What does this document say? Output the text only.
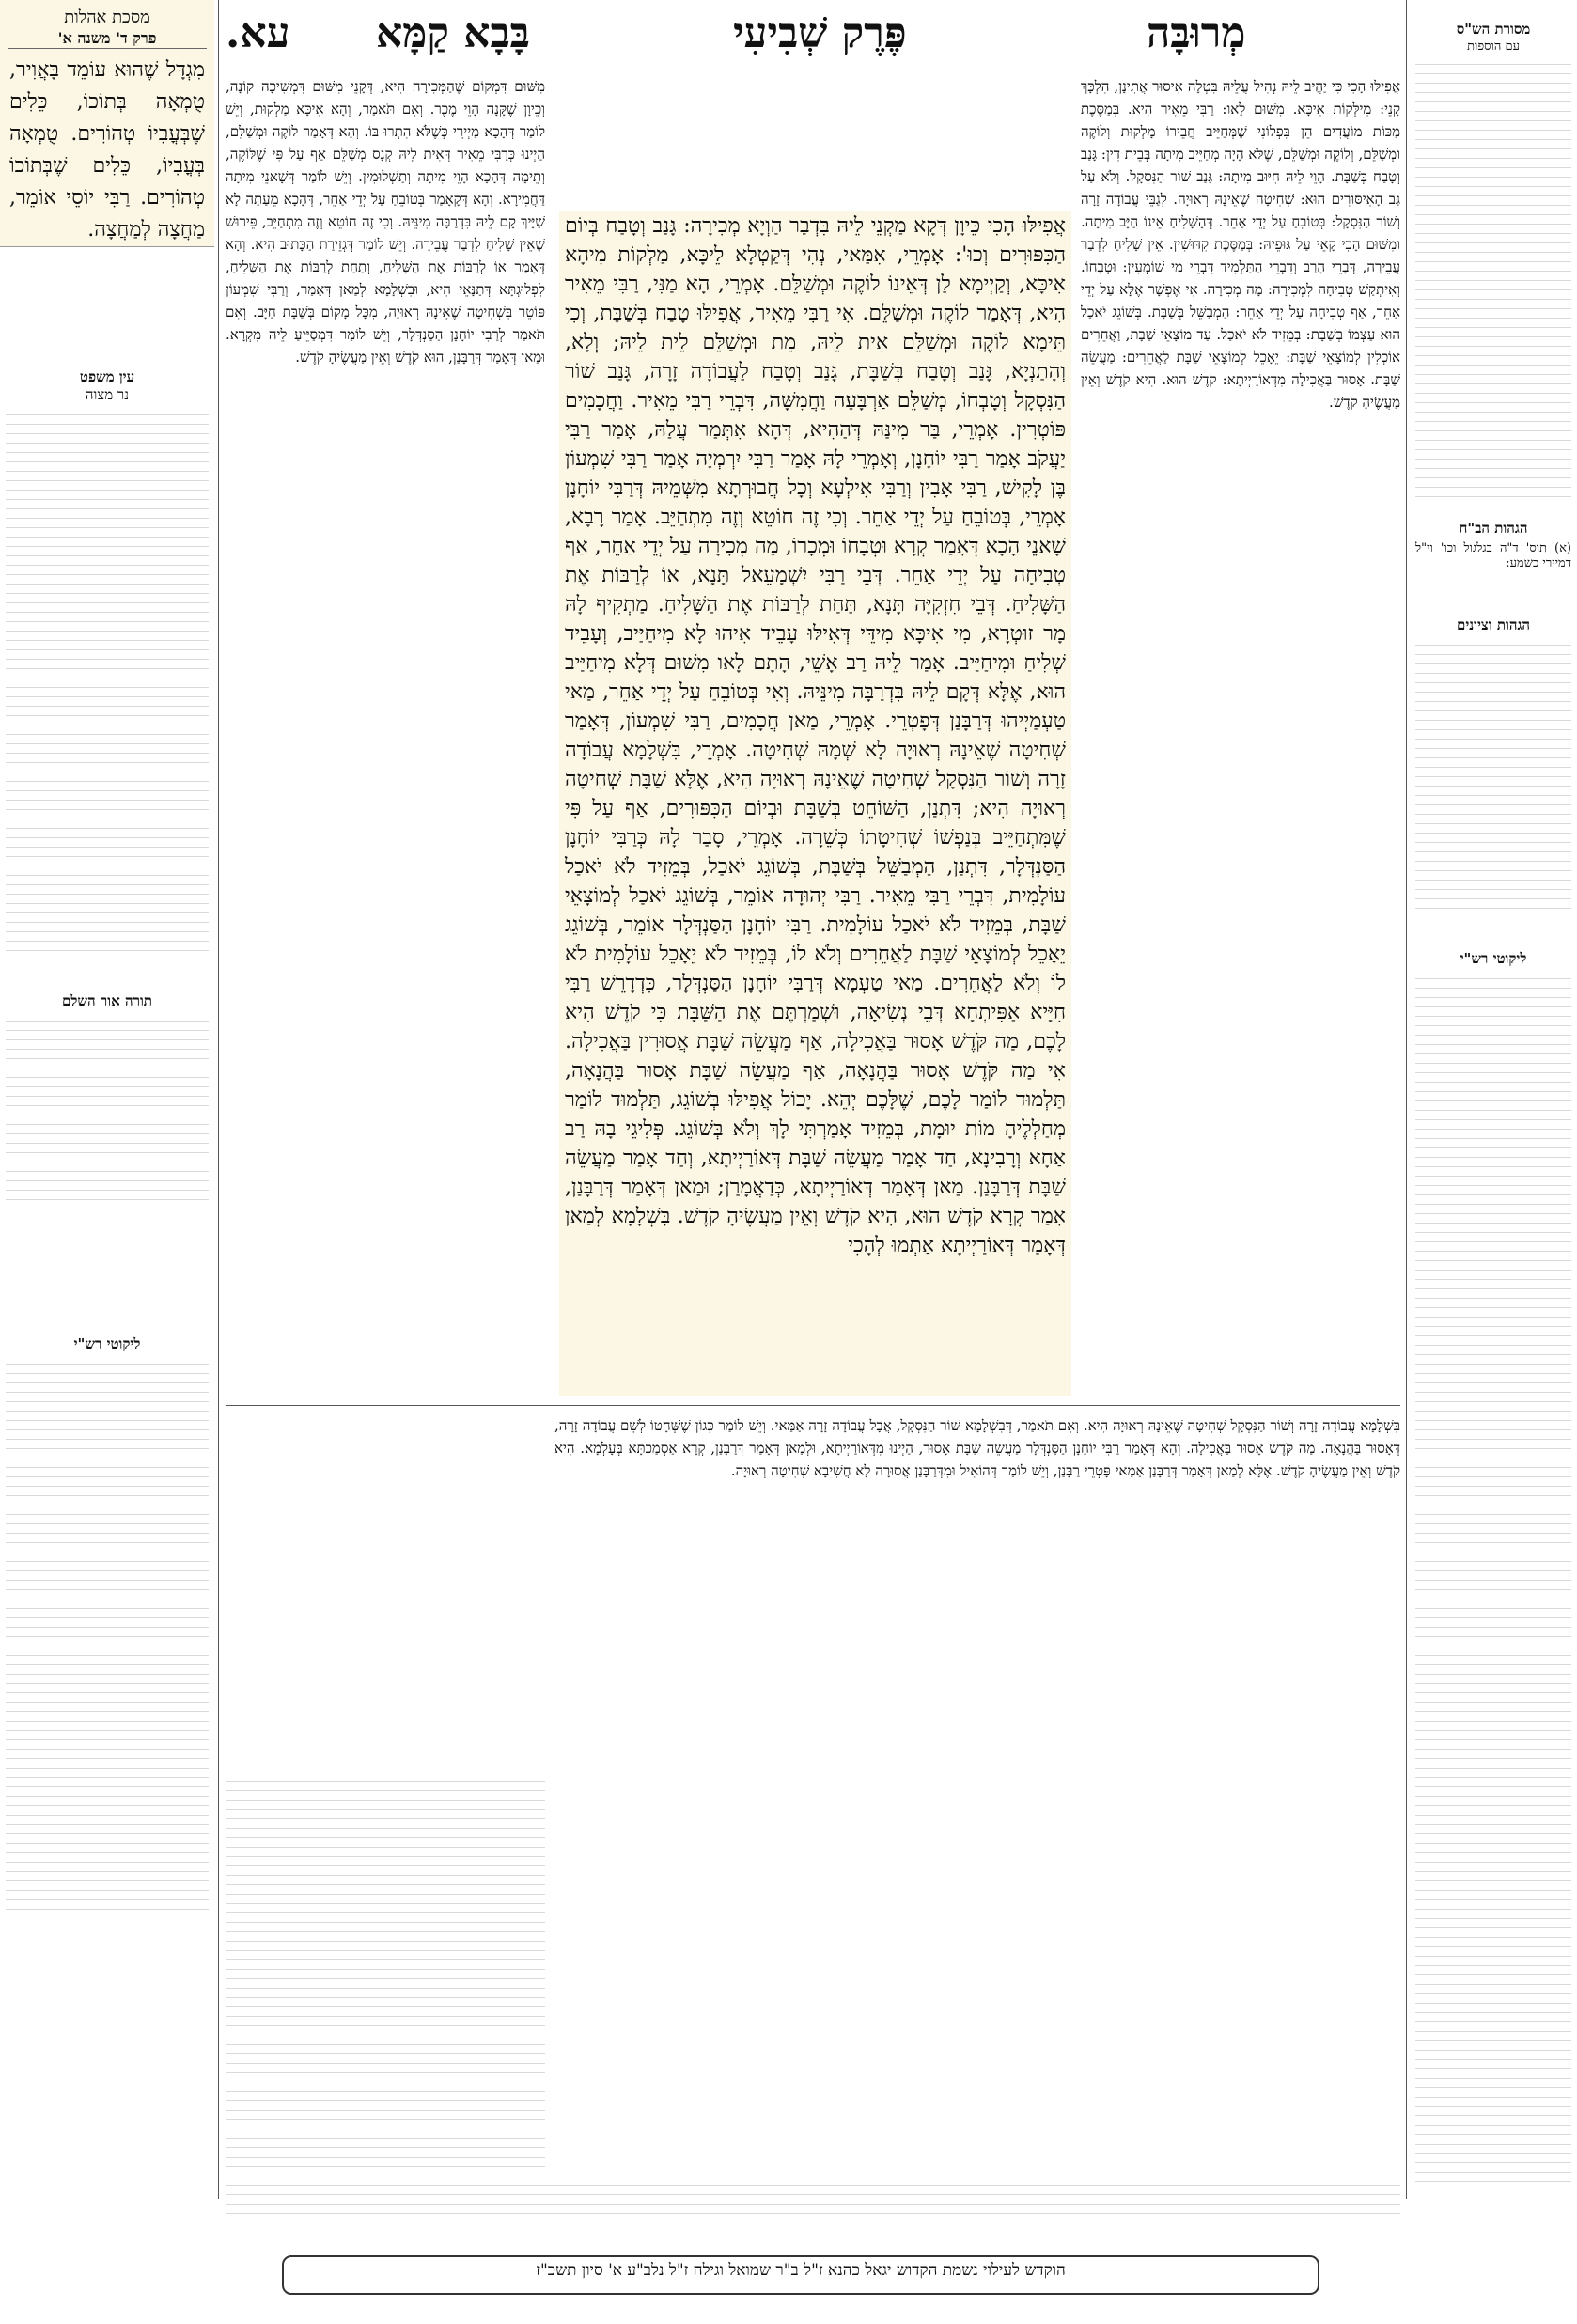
עא. בָּבָא קַמָּא	פֶּרֶק שְׁבִיעִי	מְרוּבָּה
מסכת אהלות
פרק ד' משנה א'
מִגְדָּל שֶׁהוּא עוֹמֵד בָּאֲוִיר, טֻמְאָה בְּתוֹכוֹ, כֵּלִים שֶׁבְּעֳבִיוֹ טְהוֹרִים. טֻמְאָה בְּעֳבִיוֹ, כֵּלִים שֶׁבְּתוֹכוֹ טְהוֹרִים. רַבִּי יוֹסֵי אוֹמֵר, מַחֲצָה לְמַחֲצָה.
עין משפט
נר מצוה
תורה אור השלם
ליקוטי רש"י
מסורת הש"ס
עם הוספות
הגהות הב"ח
(א) תוס' ד"ה בגלגול וכו' וי"ל דמיירי כשמע:
הגהות וציונים
ליקוטי רש"י
אֲפִילּוּ הָכִי כִּי יַהֲיב לֵיהּ נְהִיל עֲלֵיהּ בִּטְלָה אִיסוּר אֲתִינָן, הִלְכָּךְ קָנֵי: מִילְּקוֹת אִיכָּא. מִשּׁוּם לָאו: רַבִּי מֵאִיר הִיא. בְּמַסֶּכֶת מַכּוֹת מוֹעֲדִים הֵן בִּפְלוֹנִי שֶׁמְּחַיֵּיב חֲבֵירוֹ מָלְקוּת וְלוֹקֶה וּמְשַׁלֵּם, וְלוֹקֶה וּמְשַׁלֵּם, שֶׁלֹּא הָיָה מְחַיֵּיב מִיתָה בְּבֵית דִּין: גָּנַב וְטָבַח בְּשַׁבָּת. הָוֵי לֵיהּ חִיּוּב מִיתָה: גָּנַב שׁוֹר הַנִּסְקָל. וְלֹא עַל גַּב הָאִיסּוּרִים הוּא: שְׁחִיטָה שֶׁאֵינָהּ רְאוּיָה. לְגַבֵּי עֲבוֹדָה זָרָה וְשׁוֹר הַנִּסְקָל: בְּטוֹבֵחַ עַל יְדֵי אַחֵר. דְּהָשָּׁלִיחַ אֵינוֹ חַיָּב מִיתָה. וּמִשּׁוּם הָכִי קָאֵי עַל גּוּפֵיהּ: בְּמַסֶּכֶת קִדּוּשִׁין. אֵין שָׁלִיחַ לִדְבַר עֲבֵירָה, דְּבָרֵי הָרַב וְדִבְרֵי הַתַּלְמִיד דִּבְרֵי מִי שׁוֹמְעִין: וּטְבָחוֹ. וְאִיתְקַשׁ טְבִיחָה לִמְכִירָה: מָה מְכִירָה. אִי אֶפְשָׁר אֶלָּא עַל יְדֵי אַחֵר, אַף טְבִיחָה עַל יְדֵי אַחֵר: הַמְבַשֵּׁל בְּשַׁבָּת. בְּשׁוֹגֵג יֹאכַל הוּא עַצְמוֹ בְּשַׁבָּת: בְּמֵזִיד לֹא יֹאכַל. עַד מוֹצָאֵי שַׁבָּת, וַאֲחֵרִים אוֹכְלִין לְמוֹצָאֵי שַׁבָּת: יֵאָכֵל לְמוֹצָאֵי שַׁבָּת לַאֲחֵרִים: מַעֲשֵׂה שַׁבָּת. אָסוּר בַּאֲכִילָה מִדְּאוֹרַיְיתָא: קֹדֶשׁ הוּא. הִיא קֹדֶשׁ וְאֵין מַעֲשֶׂיהָ קֹדֶשׁ.
מִשּׁוּם דִּמְקוֹם שֶׁהַמְּכִירָה הִיא, דְּקָנֵי מִשּׁוּם דִּמְשִׁיכָה קוֹנָה, וְכֵיוָן שֶׁקָּנָה הָוֵי מֶכֶר. וְאִם תֹּאמַר, וְהָא אִיכָּא מַלְקוּת, וְיֵשׁ לוֹמַר דְּהָכָא מַיְירֵי כְּשֶׁלֹּא הִתְרוּ בּוֹ. וְהָא דְּאָמַר לוֹקֶה וּמְשַׁלֵּם, הַיְינוּ כְּרַבִּי מֵאִיר דְּאִית לֵיהּ קְנָס מְשַׁלֵּם אַף עַל פִּי שֶׁלּוֹקֶה, וְתֵימָה דְּהָכָא הָוֵי מִיתָה וְתַשְׁלוּמִין. וְיֵשׁ לוֹמַר דְּשָׁאנֵי מִיתָה דַּחֲמִירָא. וְהָא דְּקָאָמַר בְּטוֹבֵחַ עַל יְדֵי אַחֵר, דְּהָכָא מֵעַתָּה לָא שַׁיָּיךְ קָם לֵיהּ בִּדְרַבָּה מִינֵּיהּ. וְכִי זֶה חוֹטֵא וְזֶה מִתְחַיֵּב, פֵּירוּשׁ שֶׁאֵין שָׁלִיחַ לִדְבַר עֲבֵירָה. וְיֵשׁ לוֹמַר דְּגְזֵירַת הַכָּתוּב הִיא. וְהָא דְּאָמַר אוֹ לְרַבּוֹת אֶת הַשָּׁלִיחַ, וְתַחַת לְרַבּוֹת אֶת הַשָּׁלִיחַ, לִפְלוּגְתָּא דְּתַנָּאֵי הִיא, וּבִשְׁלָמָא לְמַאן דְּאָמַר, וְרַבִּי שִׁמְעוֹן פּוֹטֵר בִּשְׁחִיטָה שֶׁאֵינָהּ רְאוּיָה, מִכָּל מָקוֹם בְּשַׁבָּת חַיָּב. וְאִם תֹּאמַר לְרַבִּי יוֹחָנָן הַסַּנְדְּלָר, וְיֵשׁ לוֹמַר דִּמְסַיֵּיעַ לֵיהּ מִקְּרָא. וּמַאן דְּאָמַר דְּרַבָּנַן, הוּא קֹדֶשׁ וְאֵין מַעֲשֶׂיהָ קֹדֶשׁ.
אֲפִילּוּ הָכִי כֵּיוָן דְּקָא מַקְנֵי לֵיהּ בִּדְבַר הַוְיָא מְכִירָה: גָּנַב וְטָבַח בְּיוֹם הַכִּפּוּרִים וְכוּ': אָמְרֵי, אִמַּאי, נְהִי דְּקַטְלָא לֵיכָּא, מַלְקוֹת מִיהָא אִיכָּא, וְקַיְימָא לַן דְּאֵינוֹ לוֹקֶה וּמְשַׁלֵּם. אָמְרֵי, הָא מַנִּי, רַבִּי מֵאִיר הִיא, דְּאָמַר לוֹקֶה וּמְשַׁלֵּם. אִי רַבִּי מֵאִיר, אֲפִילּוּ טָבַח בְּשַׁבָּת, וְכִי תֵּימָא לוֹקֶה וּמְשַׁלֵּם אִית לֵיהּ, מֵת וּמְשַׁלֵּם לֵית לֵיהּ; וְלָא, וְהָתַנְיָא, גָּנַב וְטָבַח בְּשַׁבָּת, גָּנַב וְטָבַח לַעֲבוֹדָה זָרָה, גָּנַב שׁוֹר הַנִּסְקָל וְטָבְחוֹ, מְשַׁלֵּם אַרְבָּעָה וַחֲמִשָּׁה, דִּבְרֵי רַבִּי מֵאִיר. וַחֲכָמִים פּוֹטְרִין. אָמְרֵי, בַּר מִינַּהּ דְּהַהִיא, דְּהָא אִתְּמַר עֲלַהּ, אָמַר רַבִּי יַעֲקֹב אָמַר רַבִּי יוֹחָנָן, וְאָמְרֵי לָהּ אָמַר רַבִּי יִרְמְיָה אָמַר רַבִּי שִׁמְעוֹן בֶּן לָקִישׁ, רַבִּי אָבִין וְרַבִּי אִילְעָא וְכָל חֲבוּרְתָא מִשְּׁמֵיהּ דְּרַבִּי יוֹחָנָן אָמְרֵי, בְּטוֹבֵחַ עַל יְדֵי אַחֵר. וְכִי זֶה חוֹטֵא וְזֶה מִתְחַיֵּב. אָמַר רָבָא, שָׁאנֵי הָכָא דְּאָמַר קְרָא וּטְבָחוֹ וּמְכָרוֹ, מָה מְכִירָה עַל יְדֵי אַחֵר, אַף טְבִיחָה עַל יְדֵי אַחֵר. דְּבֵי רַבִּי יִשְׁמָעֵאל תָּנָא, אוֹ לְרַבּוֹת אֶת הַשָּׁלִיחַ. דְּבֵי חִזְקִיָּה תָּנָא, תַּחַת לְרַבּוֹת אֶת הַשָּׁלִיחַ. מַתְקִיף לָהּ מָר זוּטְרָא, מִי אִיכָּא מִידֵּי דְּאִילּוּ עָבֵיד אִיהוּ לָא מִיחַיַּיב, וְעָבֵיד שְׁלִיחַ וּמִיחַיַּיב. אָמַר לֵיהּ רַב אָשֵׁי, הָתָם לָאו מִשּׁוּם דְּלָא מִיחַיַּיב הוּא, אֶלָּא דְּקָם לֵיהּ בִּדְרַבָּה מִינֵּיהּ. וְאִי בְּטוֹבֵחַ עַל יְדֵי אַחֵר, מַאי טַעְמַיְיהוּ דְּרַבָּנַן דְּפָטְרֵי. אָמְרֵי, מַאן חֲכָמִים, רַבִּי שִׁמְעוֹן, דְּאָמַר שְׁחִיטָה שֶׁאֵינָהּ רְאוּיָה לָא שְׁמָהּ שְׁחִיטָה. אָמְרֵי, בִּשְׁלָמָא עֲבוֹדָה זָרָה וְשׁוֹר הַנִּסְקָל שְׁחִיטָה שֶׁאֵינָהּ רְאוּיָה הִיא, אֶלָּא שַׁבָּת שְׁחִיטָה רְאוּיָה הִיא; דִּתְנַן, הַשּׁוֹחֵט בְּשַׁבָּת וּבְיוֹם הַכִּפּוּרִים, אַף עַל פִּי שֶׁמִּתְחַיֵּיב בְּנַפְשׁוֹ שְׁחִיטָתוֹ כְּשֵׁרָה. אָמְרֵי, סָבַר לָהּ כְּרַבִּי יוֹחָנָן הַסַּנְדְּלָר, דִּתְנַן, הַמְבַשֵּׁל בְּשַׁבָּת, בְּשׁוֹגֵג יֹאכַל, בְּמֵזִיד לֹא יֹאכַל עוֹלָמִית, דִּבְרֵי רַבִּי מֵאִיר. רַבִּי יְהוּדָה אוֹמֵר, בְּשׁוֹגֵג יֹאכַל לְמוֹצָאֵי שַׁבָּת, בְּמֵזִיד לֹא יֹאכַל עוֹלָמִית. רַבִּי יוֹחָנָן הַסַּנְדְּלָר אוֹמֵר, בְּשׁוֹגֵג יֵאָכֵל לְמוֹצָאֵי שַׁבָּת לַאֲחֵרִים וְלֹא לוֹ, בְּמֵזִיד לֹא יֵאָכֵל עוֹלָמִית לֹא לוֹ וְלֹא לַאֲחֵרִים. מַאי טַעְמָא דְּרַבִּי יוֹחָנָן הַסַּנְדְּלָר, כִּדְדָרֵשׁ רַבִּי חִיָּיא אַפִּיתְחָא דְּבֵי נְשִׂיאָה, וּשְׁמַרְתֶּם אֶת הַשַּׁבָּת כִּי קֹדֶשׁ הִיא לָכֶם, מַה קֹּדֶשׁ אָסוּר בַּאֲכִילָה, אַף מַעֲשֵׂה שַׁבָּת אֲסוּרִין בַּאֲכִילָה. אִי מַה קֹּדֶשׁ אָסוּר בַּהֲנָאָה, אַף מַעֲשֵׂה שַׁבָּת אָסוּר בַּהֲנָאָה, תַּלְמוּד לוֹמַר לָכֶם, שֶׁלָּכֶם יְהֵא. יָכוֹל אֲפִילּוּ בְּשׁוֹגֵג, תַּלְמוּד לוֹמַר מְחַלְלֶיהָ מוֹת יוּמָת, בְּמֵזִיד אָמַרְתִּי לָךְ וְלֹא בְּשׁוֹגֵג. פְּלִיגֵי בָהּ רַב אַחָא וְרָבִינָא, חַד אָמַר מַעֲשֵׂה שַׁבָּת דְּאוֹרַיְיתָא, וְחַד אָמַר מַעֲשֵׂה שַׁבָּת דְּרַבָּנַן. מַאן דְּאָמַר דְּאוֹרַיְיתָא, כְּדַאֲמָרַן; וּמַאן דְּאָמַר דְּרַבָּנַן, אָמַר קְרָא קֹדֶשׁ הוּא, הִיא קֹדֶשׁ וְאֵין מַעֲשֶׂיהָ קֹדֶשׁ. בִּשְׁלָמָא לְמַאן דְּאָמַר דְּאוֹרַיְיתָא אַתְמוּ לְהָכִי
בִּשְׁלָמָא עֲבוֹדָה זָרָה וְשׁוֹר הַנִּסְקָל שְׁחִיטָה שֶׁאֵינָהּ רְאוּיָה הִיא. וְאִם תֹּאמַר, דְּבִשְׁלָמָא שׁוֹר הַנִּסְקָל, אֲבָל עֲבוֹדָה זָרָה אַמַּאי. וְיֵשׁ לוֹמַר כְּגוֹן שֶׁשְּׁחָטוֹ לְשֵׁם עֲבוֹדָה זָרָה, דְּאָסוּר בַּהֲנָאָה. מַה קֹּדֶשׁ אָסוּר בַּאֲכִילָה. וְהָא דְּאָמַר רַבִּי יוֹחָנָן הַסַּנְדְּלָר מַעֲשֵׂה שַׁבָּת אָסוּר, הַיְינוּ מִדְּאוֹרַיְיתָא, וּלְמַאן דְּאָמַר דְּרַבָּנַן, קְרָא אַסְמַכְתָּא בְּעָלְמָא. הִיא קֹדֶשׁ וְאֵין מַעֲשֶׂיהָ קֹדֶשׁ. אֶלָּא לְמַאן דְּאָמַר דְּרַבָּנַן אַמַּאי פָּטְרֵי רַבָּנַן, וְיֵשׁ לוֹמַר דְּהוֹאִיל וּמִדְּרַבָּנַן אֲסוּרָה לָא חֲשִׁיבָא שְׁחִיטָה רְאוּיָה.
הוקדש לעילוי נשמת הקדוש יגאל כהנא ז"ל ב"ר שמואל וגילה ז"ל נלב"ע א' סיון תשכ"ז
